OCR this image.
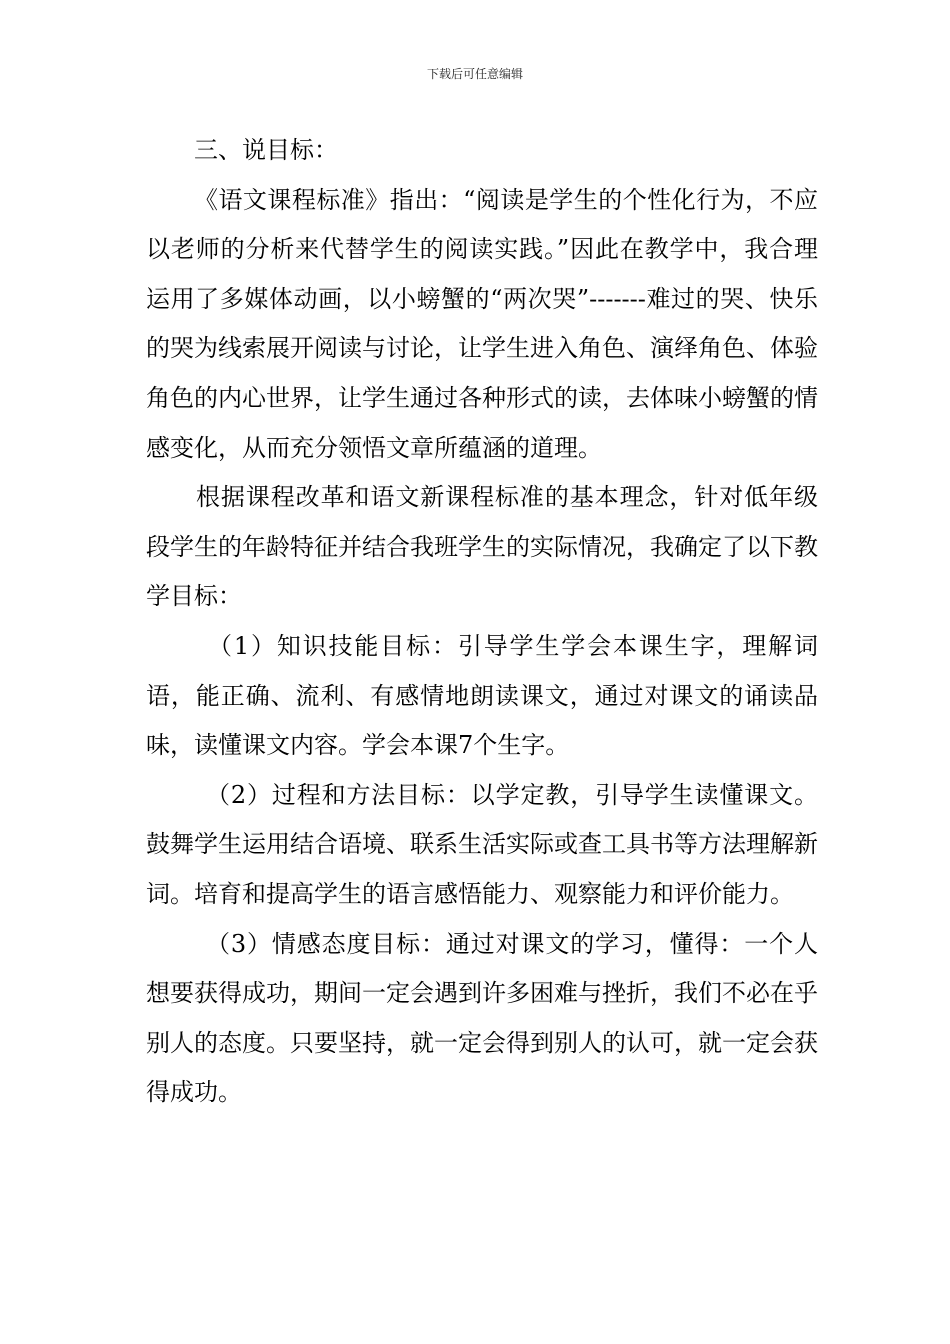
下载后可任意编辑

三、说目标：

《语文课程标准》指出：“阅读是学生的个性化行为，不应以老师的分析来代替学生的阅读实践。”因此在教学中，我合理运用了多媒体动画，以小螃蟹的“两次哭”-------难过的哭、快乐的哭为线索展开阅读与讨论，让学生进入角色、演绎角色、体验角色的内心世界，让学生通过各种形式的读，去体味小螃蟹的情感变化，从而充分领悟文章所蕴涵的道理。

根据课程改革和语文新课程标准的基本理念，针对低年级段学生的年龄特征并结合我班学生的实际情况，我确定了以下教学目标：

（1）知识技能目标：引导学生学会本课生字，理解词语，能正确、流利、有感情地朗读课文，通过对课文的诵读品味，读懂课文内容。学会本课7个生字。

（2）过程和方法目标：以学定教，引导学生读懂课文。 鼓舞学生运用结合语境、联系生活实际或查工具书等方法理解新词。培育和提高学生的语言感悟能力、观察能力和评价能力。

（3）情感态度目标：通过对课文的学习，懂得：一个人想要获得成功，期间一定会遇到许多困难与挫折，我们不必在乎别人的态度。只要坚持，就一定会得到别人的认可，就一定会获得成功。
